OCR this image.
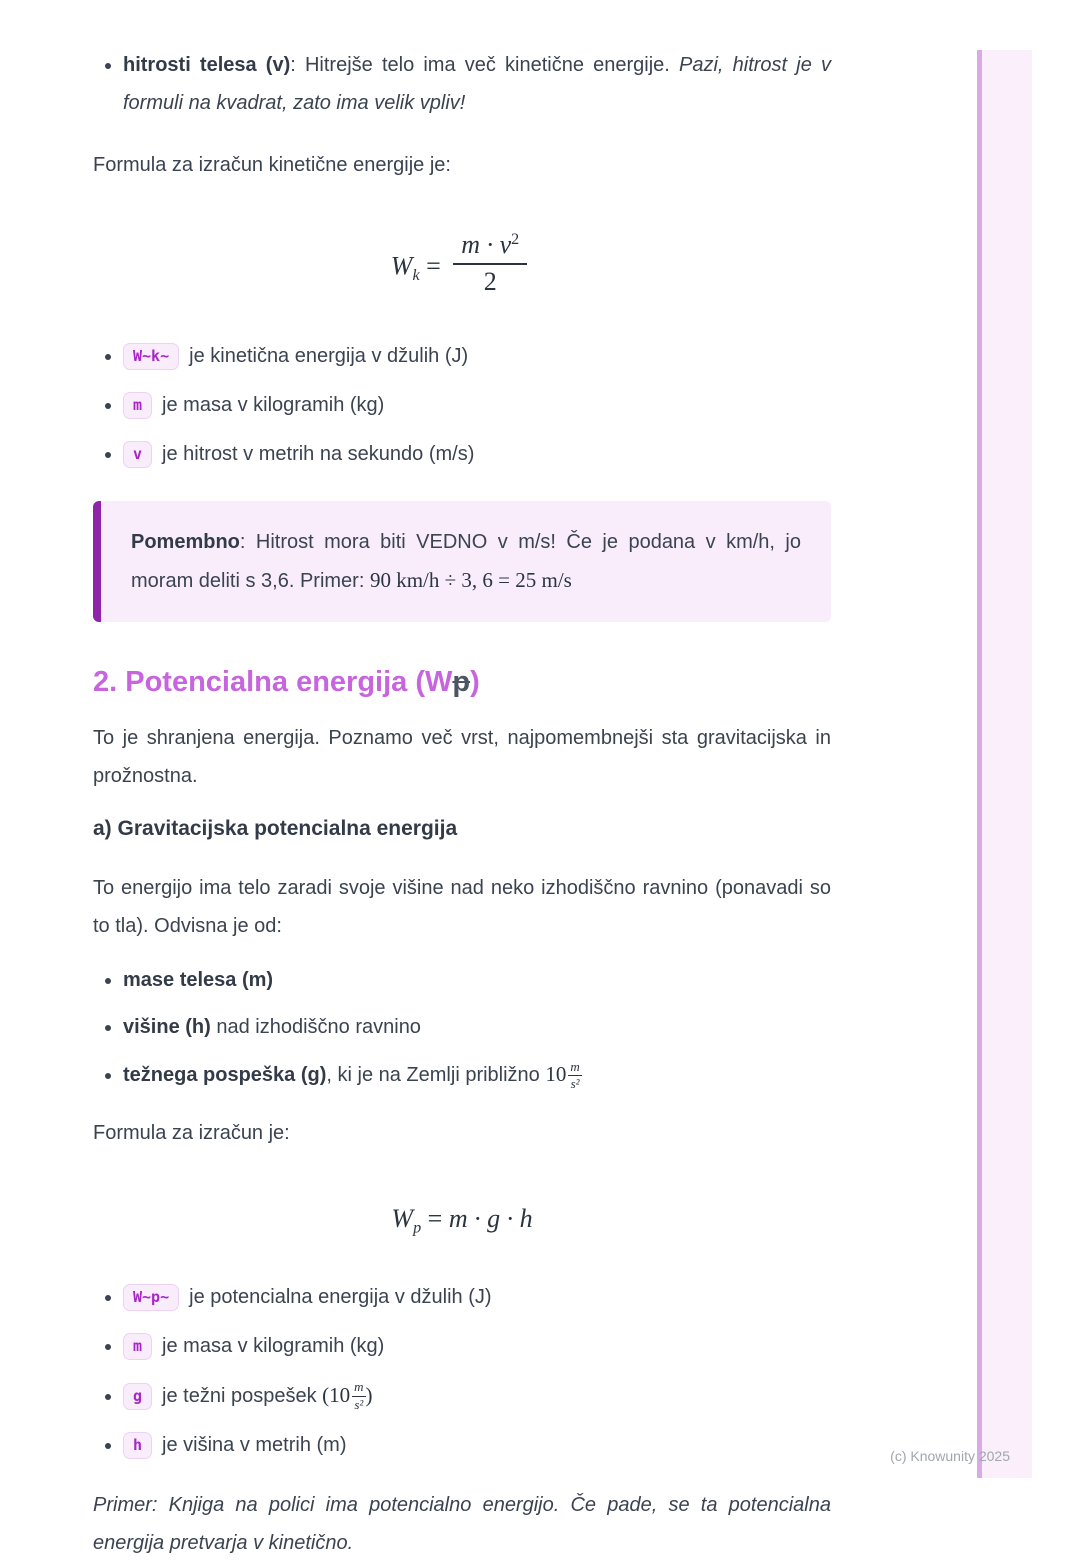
• hitrosti telesa (v): Hitrejše telo ima več kinetične energije. Pazi, hitrost je v formuli na kvadrat, zato ima velik vpliv!

Formula za izračun kinetične energije je:

$W_k = \frac{m \cdot v^2}{2}$
• W~k~ je kinetična energija v džulih (J)
• m je masa v kilogramih (kg)
• v je hitrost v metrih na sekundo (m/s)
Pomembno: Hitrost mora biti VEDNO v m/s! Če je podana v km/h, jo moram deliti s 3,6. Primer: 90 km/h ÷ 3, 6 = 25 m/s
2. Potencialna energija (Wp)

To je shranjena energija. Poznamo več vrst, najpomembnejši sta gravitacijska in prožnostna.

a) Gravitacijska potencialna energija

To energijo ima telo zaradi svoje višine nad neko izhodiščno ravnino (ponavadi so to tla). Odvisna je od:

• mase telesa (m)
• višine (h) nad izhodiščno ravnino
• težnega pospeška (g), ki je na Zemlji približno $10 \frac{m}{\text{s²}}$

Formula za izračun je:

$W_p = m \cdot g \cdot h$
• W~p~ je potencialna energija v džulih (J)
• m je masa v kilogramih (kg)
• g je težni pospešek ($10 \frac{m}{\text{s²}}$ )
• h je višina v metrih (m)

Primer: Knjiga na polici ima potencialno energijo. Če pade, se ta potencialna energija pretvarja v kinetično.

(c) Knowunity 2025
